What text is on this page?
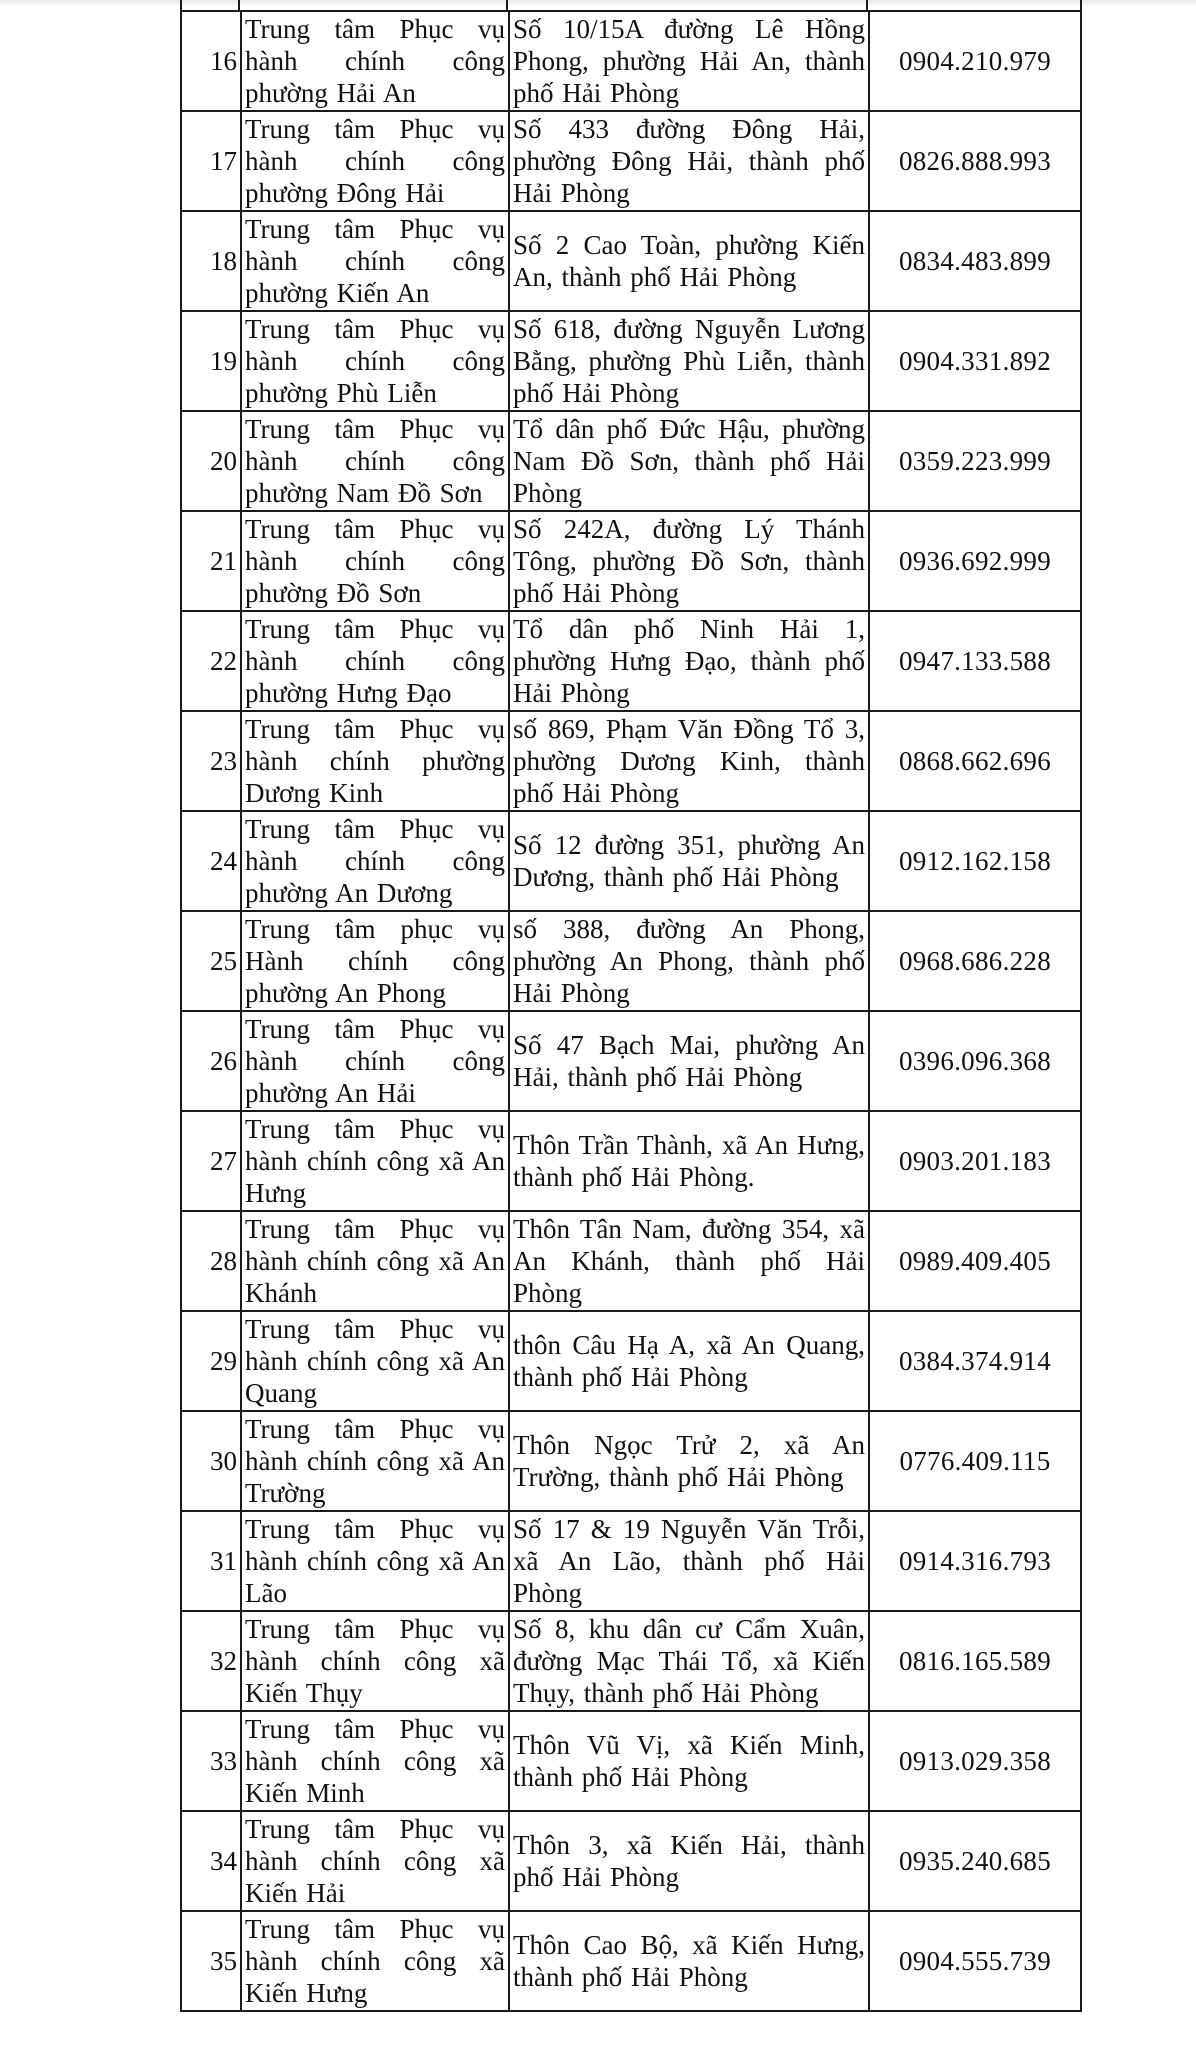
16	Trung tâm Phục vụ hành chính công phường Hải An	Số 10/15A đường Lê Hồng Phong, phường Hải An, thành phố Hải Phòng	0904.210.979

17	Trung tâm Phục vụ hành chính công phường Đông Hải	Số 433 đường Đông Hải, phường Đông Hải, thành phố Hải Phòng	0826.888.993

18	Trung tâm Phục vụ hành chính công phường Kiến An	Số 2 Cao Toàn, phường Kiến An, thành phố Hải Phòng	0834.483.899

19	Trung tâm Phục vụ hành chính công phường Phù Liễn	Số 618, đường Nguyễn Lương Bằng, phường Phù Liễn, thành phố Hải Phòng	0904.331.892

20	Trung tâm Phục vụ hành chính công phường Nam Đồ Sơn	Tổ dân phố Đức Hậu, phường Nam Đồ Sơn, thành phố Hải Phòng	0359.223.999

21	Trung tâm Phục vụ hành chính công phường Đồ Sơn	Số 242A, đường Lý Thánh Tông, phường Đồ Sơn, thành phố Hải Phòng	0936.692.999

22	Trung tâm Phục vụ hành chính công phường Hưng Đạo	Tổ dân phố Ninh Hải 1, phường Hưng Đạo, thành phố Hải Phòng	0947.133.588

23	Trung tâm Phục vụ hành chính phường Dương Kinh	số 869, Phạm Văn Đồng Tổ 3, phường Dương Kinh, thành phố Hải Phòng	0868.662.696

24	Trung tâm Phục vụ hành chính công phường An Dương	Số 12 đường 351, phường An Dương, thành phố Hải Phòng	0912.162.158

25	Trung tâm phục vụ Hành chính công phường An Phong	số 388, đường An Phong, phường An Phong, thành phố Hải Phòng	0968.686.228

26	Trung tâm Phục vụ hành chính công phường An Hải	Số 47 Bạch Mai, phường An Hải, thành phố Hải Phòng	0396.096.368

27	Trung tâm Phục vụ hành chính công xã An Hưng	Thôn Trần Thành, xã An Hưng, thành phố Hải Phòng.	0903.201.183

28	Trung tâm Phục vụ hành chính công xã An Khánh	Thôn Tân Nam, đường 354, xã An Khánh, thành phố Hải Phòng	0989.409.405

29	Trung tâm Phục vụ hành chính công xã An Quang	thôn Câu Hạ A, xã An Quang, thành phố Hải Phòng	0384.374.914

30	Trung tâm Phục vụ hành chính công xã An Trường	Thôn Ngọc Trử 2, xã An Trường, thành phố Hải Phòng	0776.409.115

31	Trung tâm Phục vụ hành chính công xã An Lão	Số 17 & 19 Nguyễn Văn Trỗi, xã An Lão, thành phố Hải Phòng	0914.316.793

32	Trung tâm Phục vụ hành chính công xã Kiến Thụy	Số 8, khu dân cư Cẩm Xuân, đường Mạc Thái Tổ, xã Kiến Thụy, thành phố Hải Phòng	0816.165.589

33	Trung tâm Phục vụ hành chính công xã Kiến Minh	Thôn Vũ Vị, xã Kiến Minh, thành phố Hải Phòng	0913.029.358

34	Trung tâm Phục vụ hành chính công xã Kiến Hải	Thôn 3, xã Kiến Hải, thành phố Hải Phòng	0935.240.685

35	Trung tâm Phục vụ hành chính công xã Kiến Hưng	Thôn Cao Bộ, xã Kiến Hưng, thành phố Hải Phòng	0904.555.739
